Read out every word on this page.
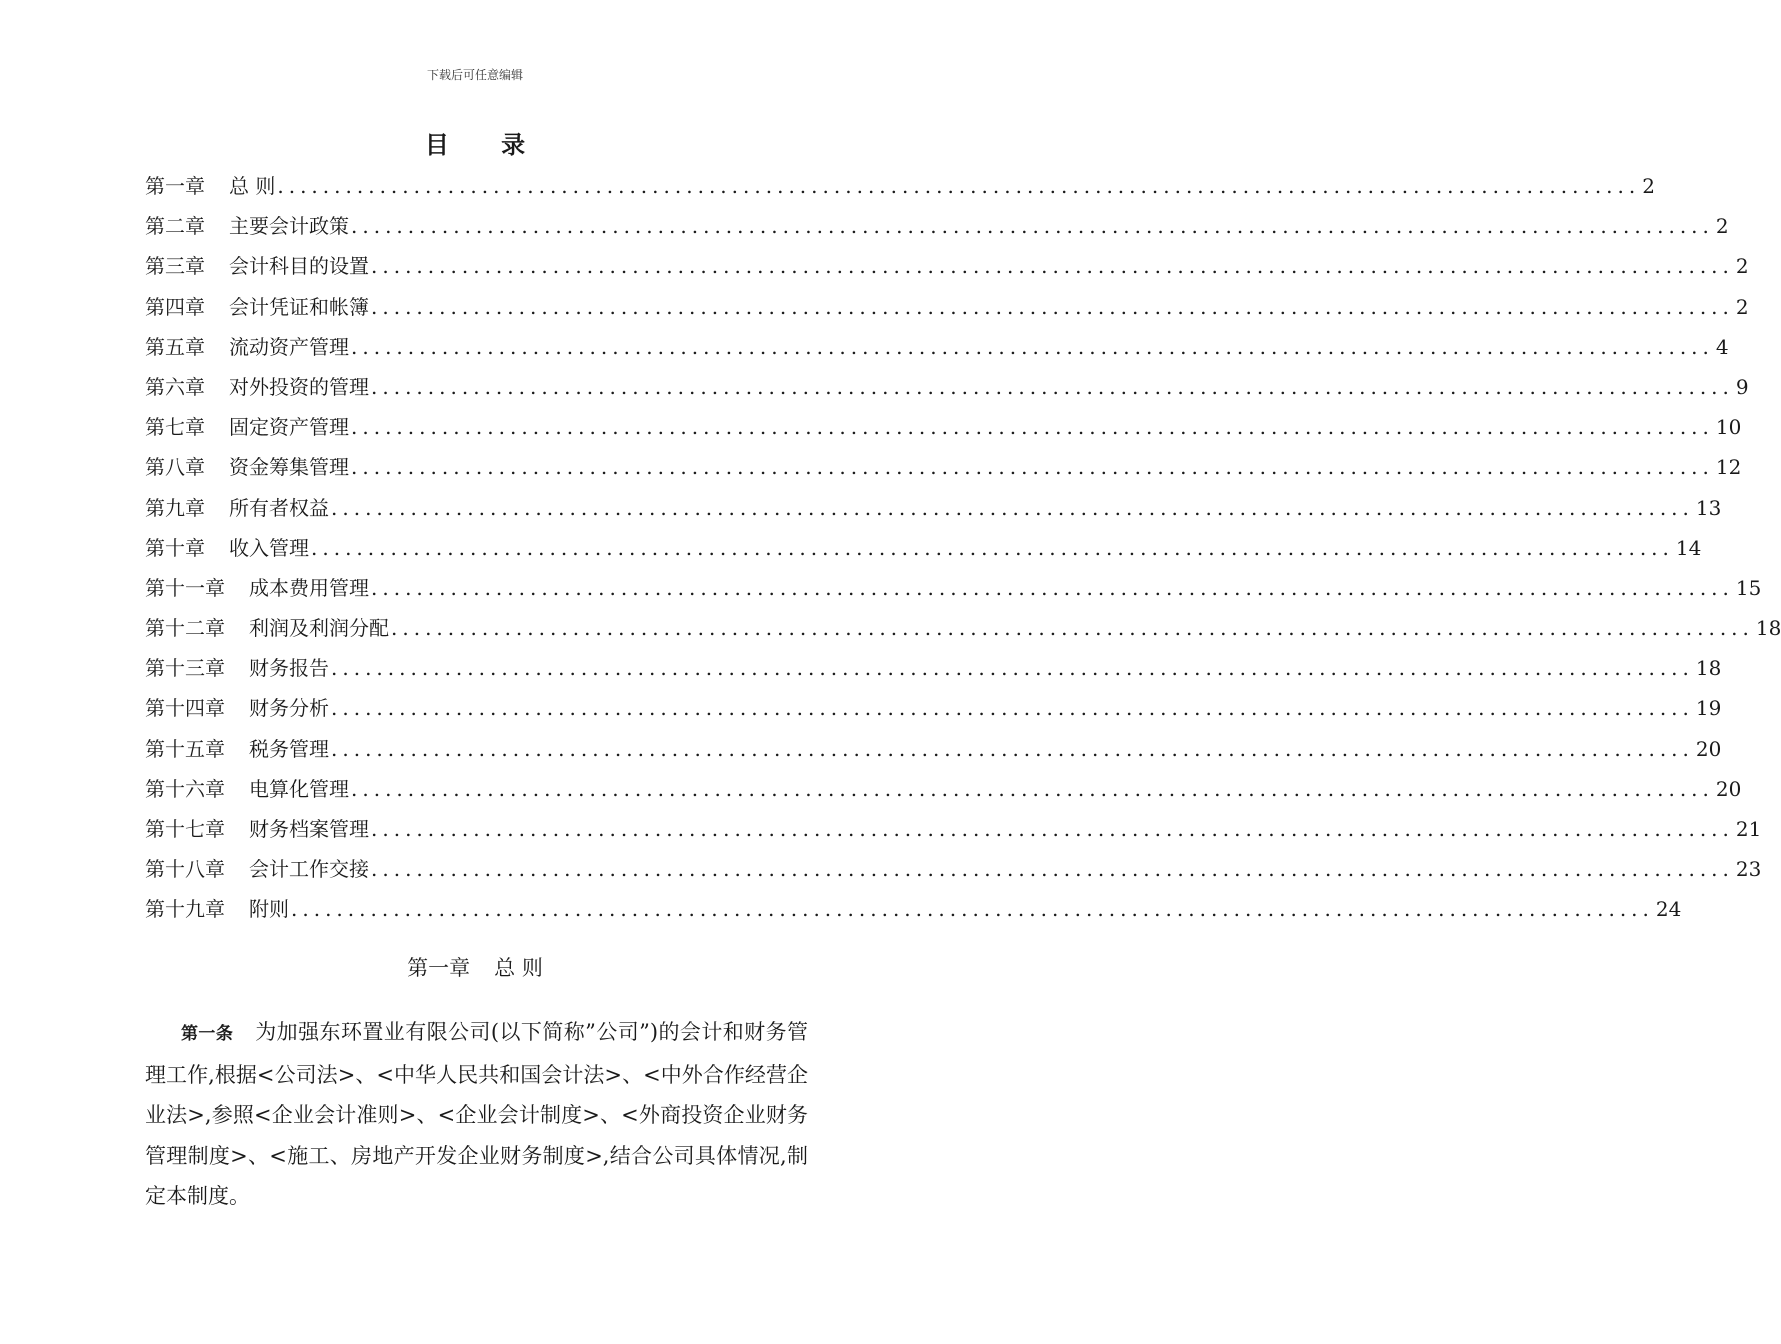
下载后可任意编辑
目 录
第一章 总 则 ........................................................................................................................ 2
第二章 主要会计政策 ........................................................................................................................ 2
第三章 会计科目的设置 ........................................................................................................................ 2
第四章 会计凭证和帐簿 ........................................................................................................................ 2
第五章 流动资产管理 ........................................................................................................................ 4
第六章 对外投资的管理 ........................................................................................................................ 9
第七章 固定资产管理 ........................................................................................................................ 10
第八章 资金筹集管理 ........................................................................................................................ 12
第九章 所有者权益 ........................................................................................................................ 13
第十章 收入管理 ........................................................................................................................ 14
第十一章 成本费用管理 ........................................................................................................................ 15
第十二章 利润及利润分配 ........................................................................................................................ 18
第十三章 财务报告 ........................................................................................................................ 18
第十四章 财务分析 ........................................................................................................................ 19
第十五章 税务管理 ........................................................................................................................ 20
第十六章 电算化管理 ........................................................................................................................ 20
第十七章 财务档案管理 ........................................................................................................................ 21
第十八章 会计工作交接 ........................................................................................................................ 23
第十九章 附则 ........................................................................................................................ 24
第一章 总 则
第一条 为加强东环置业有限公司(以下简称”公司”)的会计和财务管理工作,根据<公司法>、<中华人民共和国会计法>、<中外合作经营企业法>,参照<企业会计准则>、<企业会计制度>、<外商投资企业财务管理制度>、<施工、房地产开发企业财务制度>,结合公司具体情况,制定本制度。
